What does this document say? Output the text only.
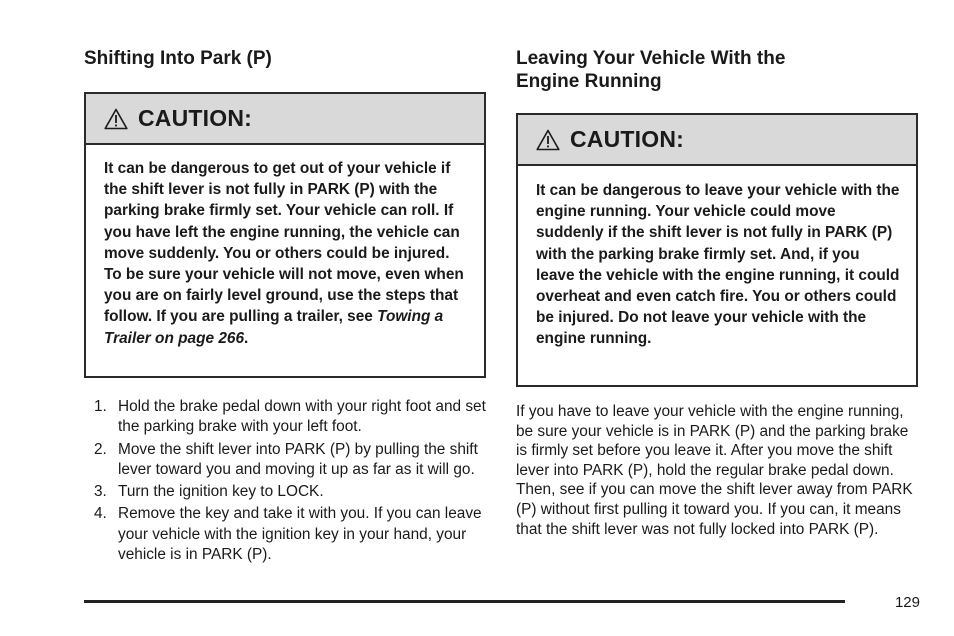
Shifting Into Park (P)
CAUTION:
It can be dangerous to get out of your vehicle if the shift lever is not fully in PARK (P) with the parking brake firmly set. Your vehicle can roll. If you have left the engine running, the vehicle can move suddenly. You or others could be injured. To be sure your vehicle will not move, even when you are on fairly level ground, use the steps that follow. If you are pulling a trailer, see Towing a Trailer on page 266.
1. Hold the brake pedal down with your right foot and set the parking brake with your left foot.
2. Move the shift lever into PARK (P) by pulling the shift lever toward you and moving it up as far as it will go.
3. Turn the ignition key to LOCK.
4. Remove the key and take it with you. If you can leave your vehicle with the ignition key in your hand, your vehicle is in PARK (P).
Leaving Your Vehicle With the
Engine Running
CAUTION:
It can be dangerous to leave your vehicle with the engine running. Your vehicle could move suddenly if the shift lever is not fully in PARK (P) with the parking brake firmly set. And, if you leave the vehicle with the engine running, it could overheat and even catch fire. You or others could be injured. Do not leave your vehicle with the engine running.

If you have to leave your vehicle with the engine running, be sure your vehicle is in PARK (P) and the parking brake is firmly set before you leave it. After you move the shift lever into PARK (P), hold the regular brake pedal down. Then, see if you can move the shift lever away from PARK (P) without first pulling it toward you. If you can, it means that the shift lever was not fully locked into PARK (P).

129
